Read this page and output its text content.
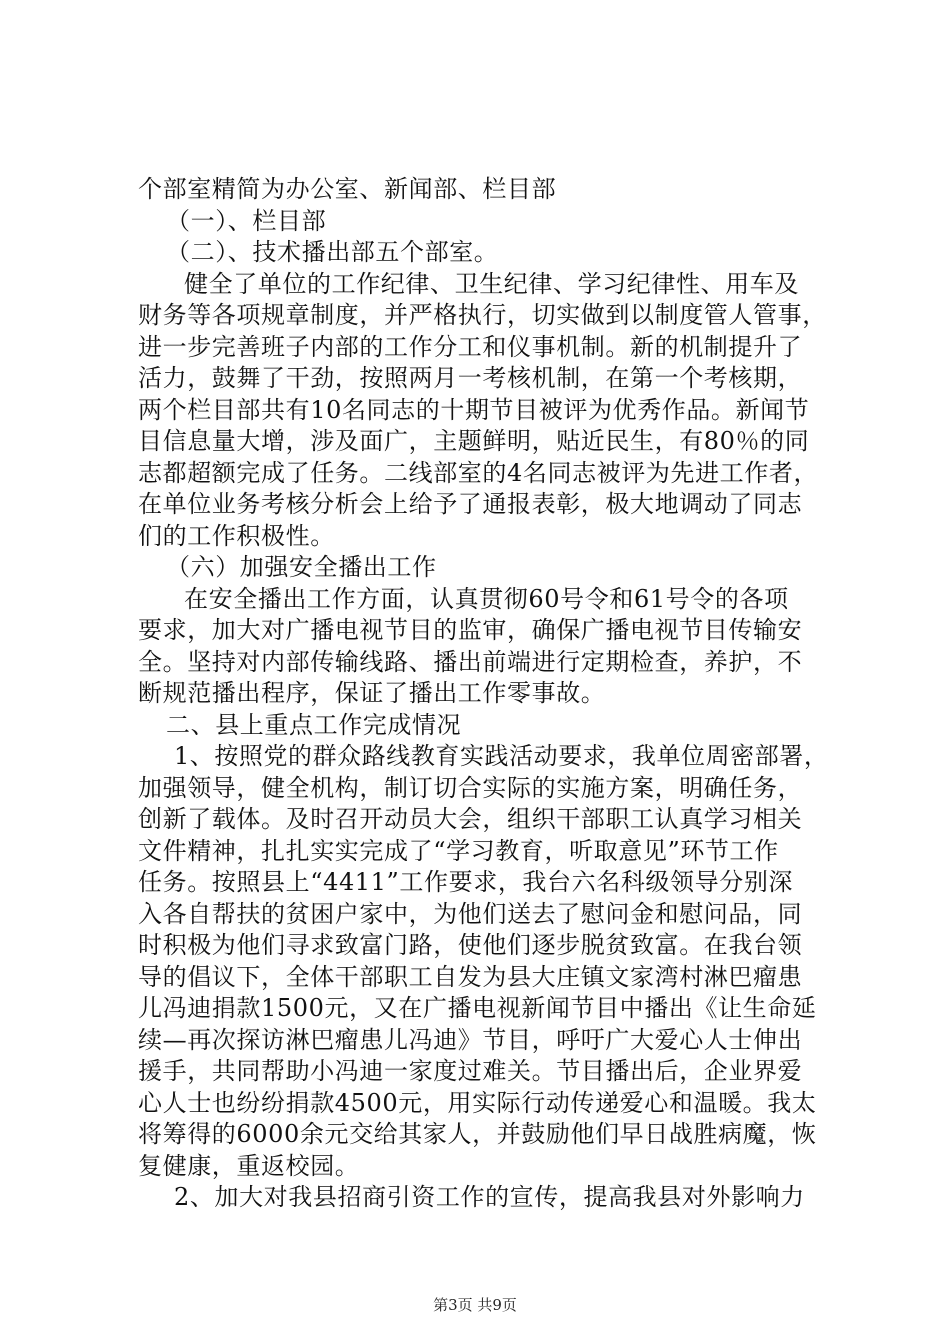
个部室精简为办公室、新闻部、栏目部
（一）、栏目部
（二）、技术播出部五个部室。
健全了单位的工作纪律、卫生纪律、学习纪律性、用车及
财务等各项规章制度，并严格执行，切实做到以制度管人管事，
进一步完善班子内部的工作分工和仪事机制。新的机制提升了
活力，鼓舞了干劲，按照两月一考核机制，在第一个考核期，
两个栏目部共有10名同志的十期节目被评为优秀作品。新闻节
目信息量大增，涉及面广，主题鲜明，贴近民生，有80％的同
志都超额完成了任务。二线部室的4名同志被评为先进工作者，
在单位业务考核分析会上给予了通报表彰，极大地调动了同志
们的工作积极性。
（六）加强安全播出工作
在安全播出工作方面，认真贯彻60号令和61号令的各项
要求，加大对广播电视节目的监审，确保广播电视节目传输安
全。坚持对内部传输线路、播出前端进行定期检查，养护，不
断规范播出程序，保证了播出工作零事故。
二、县上重点工作完成情况
1、按照党的群众路线教育实践活动要求，我单位周密部署，
加强领导，健全机构，制订切合实际的实施方案，明确任务，
创新了载体。及时召开动员大会，组织干部职工认真学习相关
文件精神，扎扎实实完成了“学习教育，听取意见”环节工作
任务。按照县上“4411”工作要求，我台六名科级领导分别深
入各自帮扶的贫困户家中，为他们送去了慰问金和慰问品，同
时积极为他们寻求致富门路，使他们逐步脱贫致富。在我台领
导的倡议下，全体干部职工自发为县大庄镇文家湾村淋巴瘤患
儿冯迪捐款1500元，又在广播电视新闻节目中播出《让生命延
续—再次探访淋巴瘤患儿冯迪》节目，呼吁广大爱心人士伸出
援手，共同帮助小冯迪一家度过难关。节目播出后，企业界爱
心人士也纷纷捐款4500元，用实际行动传递爱心和温暖。我太
将筹得的6000余元交给其家人，并鼓励他们早日战胜病魔，恢
复健康，重返校园。
2、加大对我县招商引资工作的宣传，提高我县对外影响力
第3页 共9页
